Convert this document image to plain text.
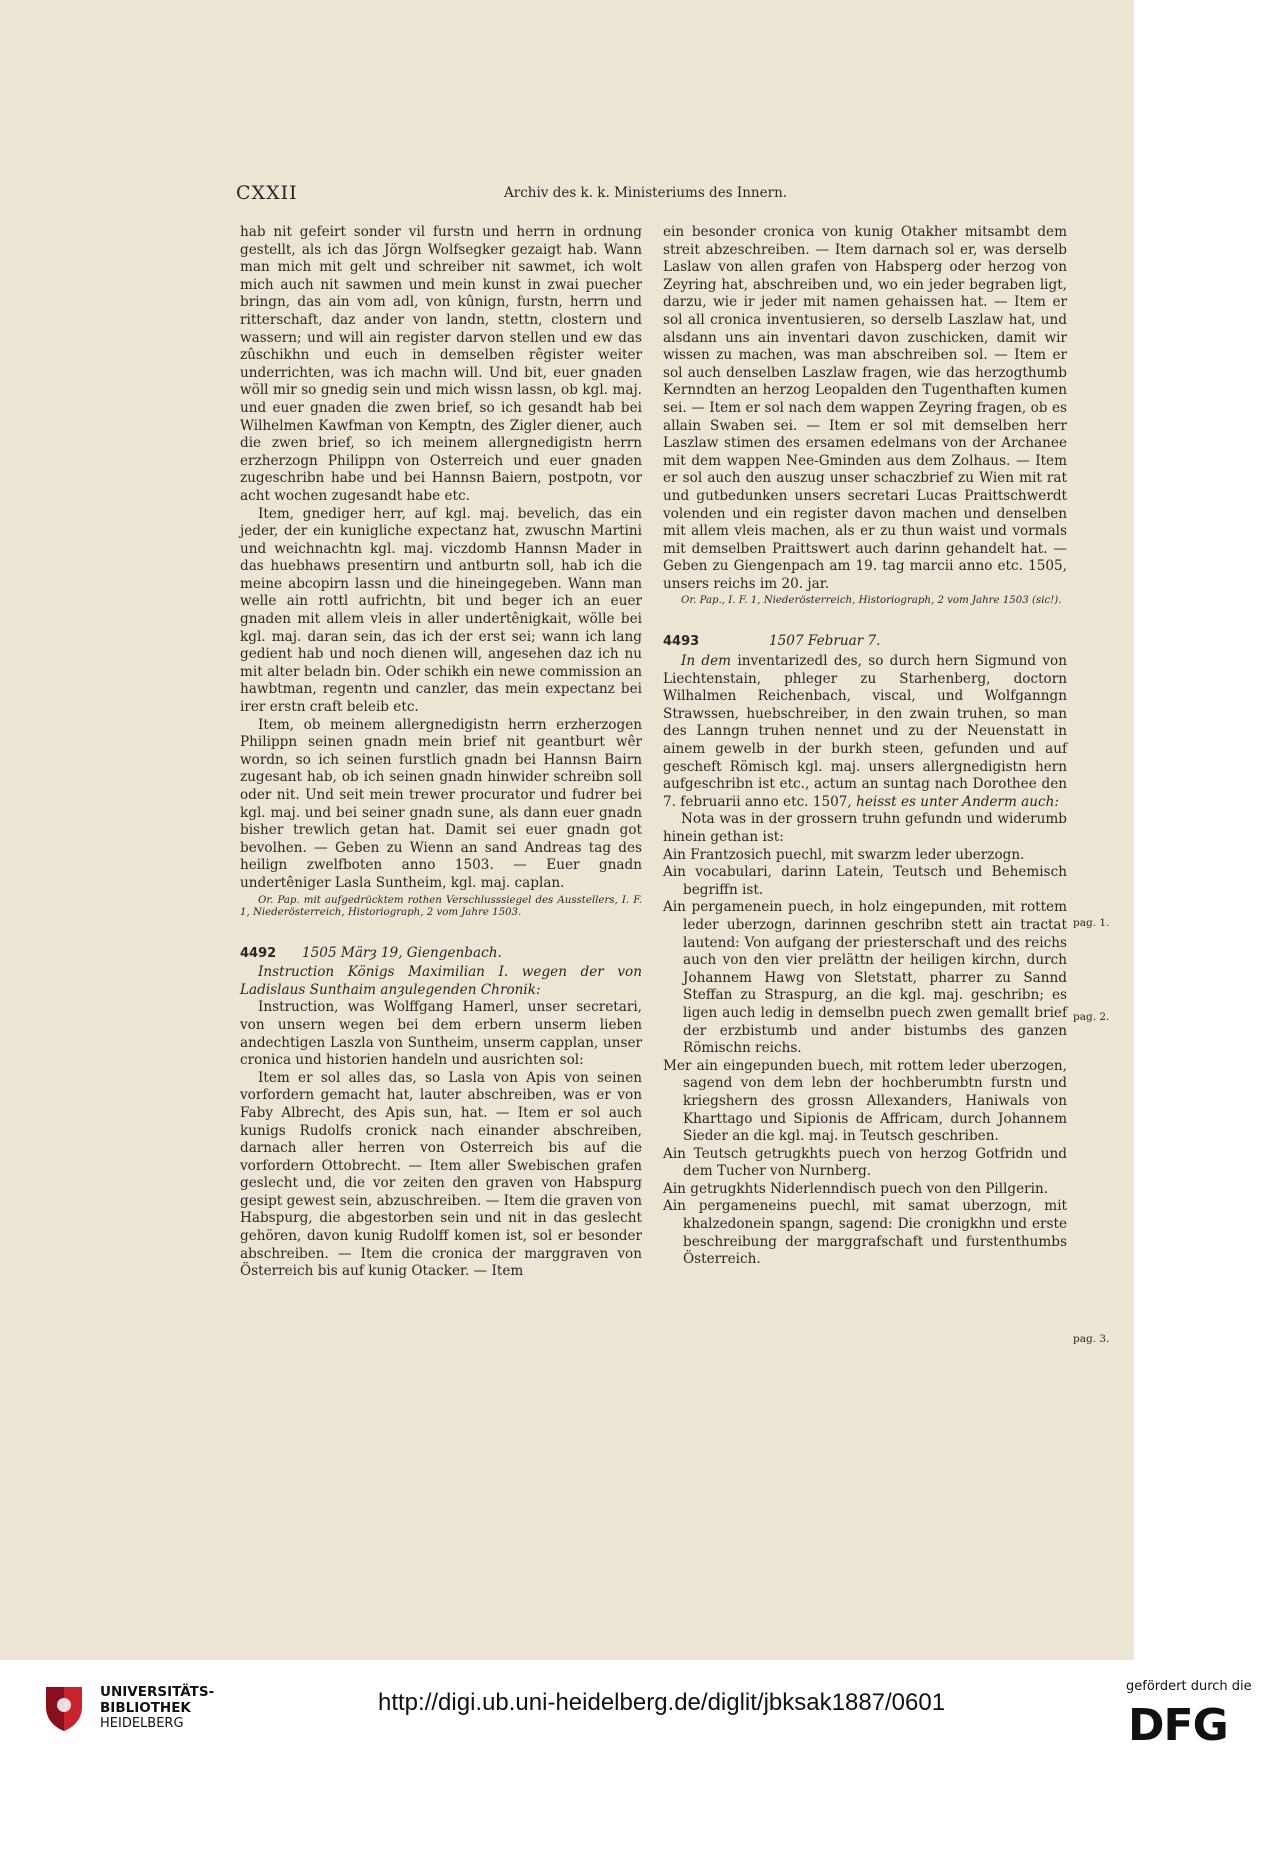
CXXII	Archiv des k. k. Ministeriums des Innern.

hab nit gefeirt sonder vil furstn und herrn in ordnung gestellt, als ich das Jörgn Wolfsegker gezaigt hab. Wann man mich mit gelt und schreiber nit sawmet, ich wolt mich auch nit sawmen und mein kunst in zwai puecher bringn, das ain vom adl, von kûnign, furstn, herrn und ritterschaft, daz ander von landn, stettn, clostern und wassern; und will ain register darvon stellen und ew das zûschikhn und euch in demselben rêgister weiter underrichten, was ich machn will. Und bit, euer gnaden wöll mir so gnedig sein und mich wissn lassn, ob kgl. maj. und euer gnaden die zwen brief, so ich gesandt hab bei Wilhelmen Kawfman von Kemptn, des Zigler diener, auch die zwen brief, so ich meinem allergnedigistn herrn erzherzogn Philippn von Osterreich und euer gnaden zugeschribn habe und bei Hannsn Baiern, postpotn, vor acht wochen zugesandt habe etc.

Item, gnediger herr, auf kgl. maj. bevelich, das ein jeder, der ein kunigliche expectanz hat, zwuschn Martini und weichnachtn kgl. maj. viczdomb Hannsn Mader in das huebhaws presentirn und antburtn soll, hab ich die meine abcopirn lassn und die hineingegeben. Wann man welle ain rottl aufrichtn, bit und beger ich an euer gnaden mit allem vleis in aller undertênigkait, wölle bei kgl. maj. daran sein, das ich der erst sei; wann ich lang gedient hab und noch dienen will, angesehen daz ich nu mit alter beladn bin. Oder schikh ein newe commission an hawbtman, regentn und canzler, das mein expectanz bei irer erstn craft beleib etc.

Item, ob meinem allergnedigistn herrn erzherzogen Philippn seinen gnadn mein brief nit geantburt wêr wordn, so ich seinen furstlich gnadn bei Hannsn Bairn zugesant hab, ob ich seinen gnadn hinwider schreibn soll oder nit. Und seit mein trewer procurator und fudrer bei kgl. maj. und bei seiner gnadn sune, als dann euer gnadn bisher trewlich getan hat. Damit sei euer gnadn got bevolhen. — Geben zu Wienn an sand Andreas tag des heilign zwelfboten anno 1503. — Euer gnadn undertêniger Lasla Suntheim, kgl. maj. caplan.

Or. Pap. mit aufgedrücktem rothen Verschlusssiegel des Ausstellers, I. F. 1, Niederösterreich, Historiograph, 2 vom Jahre 1503.

4492	1505 Märȝ 19, Giengenbach.

Instruction Königs Maximilian I. wegen der von Ladislaus Sunthaim anȝulegenden Chronik:

Instruction, was Wolffgang Hamerl, unser secretari, von unsern wegen bei dem erbern unserm lieben andechtigen Laszla von Suntheim, unserm capplan, unser cronica und historien handeln und ausrichten sol:

Item er sol alles das, so Lasla von Apis von seinen vorfordern gemacht hat, lauter abschreiben, was er von Faby Albrecht, des Apis sun, hat. — Item er sol auch kunigs Rudolfs cronick nach einander abschreiben, darnach aller herren von Osterreich bis auf die vorfordern Ottobrecht. — Item aller Swebischen grafen geslecht und, die vor zeiten den graven von Habspurg gesipt gewest sein, abzuschreiben. — Item die graven von Habspurg, die abgestorben sein und nit in das geslecht gehören, davon kunig Rudolff komen ist, sol er besonder abschreiben. — Item die cronica der marggraven von Österreich bis auf kunig Otacker. — Item

ein besonder cronica von kunig Otakher mitsambt dem streit abzeschreiben. — Item darnach sol er, was derselb Laslaw von allen grafen von Habsperg oder herzog von Zeyring hat, abschreiben und, wo ein jeder begraben ligt, darzu, wie ir jeder mit namen gehaissen hat. — Item er sol all cronica inventusieren, so derselb Laszlaw hat, und alsdann uns ain inventari davon zuschicken, damit wir wissen zu machen, was man abschreiben sol. — Item er sol auch denselben Laszlaw fragen, wie das herzogthumb Kernndten an herzog Leopalden den Tugenthaften kumen sei. — Item er sol nach dem wappen Zeyring fragen, ob es allain Swaben sei. — Item er sol mit demselben herr Laszlaw stimen des ersamen edelmans von der Archanee mit dem wappen Nee-Gminden aus dem Zolhaus. — Item er sol auch den auszug unser schaczbrief zu Wien mit rat und gutbedunken unsers secretari Lucas Praittschwerdt volenden und ein register davon machen und denselben mit allem vleis machen, als er zu thun waist und vormals mit demselben Praittswert auch darinn gehandelt hat. — Geben zu Giengenpach am 19. tag marcii anno etc. 1505, unsers reichs im 20. jar.

Or. Pap., I. F. 1, Niederösterreich, Historiograph, 2 vom Jahre 1503 (sic!).

4493	1507 Februar 7.

In dem inventarizedl des, so durch hern Sigmund von Liechtenstain, phleger zu Starhenberg, doctorn Wilhalmen Reichenbach, viscal, und Wolfganngn Strawssen, huebschreiber, in den zwain truhen, so man des Lanngn truhen nennet und zu der Neuenstatt in ainem gewelb in der burkh steen, gefunden und auf gescheft Römisch kgl. maj. unsers allergnedigistn hern aufgeschribn ist etc., actum an suntag nach Dorothee den 7. februarii anno etc. 1507, heisst es unter Anderm auch:

Nota was in der grossern truhn gefundn und widerumb hinein gethan ist:

Ain Frantzosich puechl, mit swarzm leder uberzogn.

Ain vocabulari, darinn Latein, Teutsch und Behemisch begriffn ist.

Ain pergamenein puech, in holz eingepunden, mit rottem leder uberzogn, darinnen geschribn stett ain tractat lautend: Von aufgang der priesterschaft und des reichs auch von den vier prelättn der heiligen kirchn, durch Johannem Hawg von Sletstatt, pharrer zu Sannd Steffan zu Straspurg, an die kgl. maj. geschribn; es ligen auch ledig in demselbn puech zwen gemallt brief der erzbistumb und ander bistumbs des ganzen Römischn reichs.

Mer ain eingepunden buech, mit rottem leder uberzogen, sagend von dem lebn der hochberumbtn furstn und kriegshern des grossn Allexanders, Haniwals von Kharttago und Sipionis de Affricam, durch Johannem Sieder an die kgl. maj. in Teutsch geschriben.

Ain Teutsch getrugkhts puech von herzog Gotfridn und dem Tucher von Nurnberg.

Ain getrugkhts Niderlenndisch puech von den Pillgerin.

Ain pergameneins puechl, mit samat uberzogn, mit khalzedonein spangn, sagend: Die cronigkhn und erste beschreibung der marggrafschaft und furstenthumbs Österreich.

pag. 1.
pag. 2.
pag. 3.
UNIVERSITÄTS-
BIBLIOTHEK
HEIDELBERG
http://digi.ub.uni-heidelberg.de/diglit/jbksak1887/0601
gefördert durch die
DFG
